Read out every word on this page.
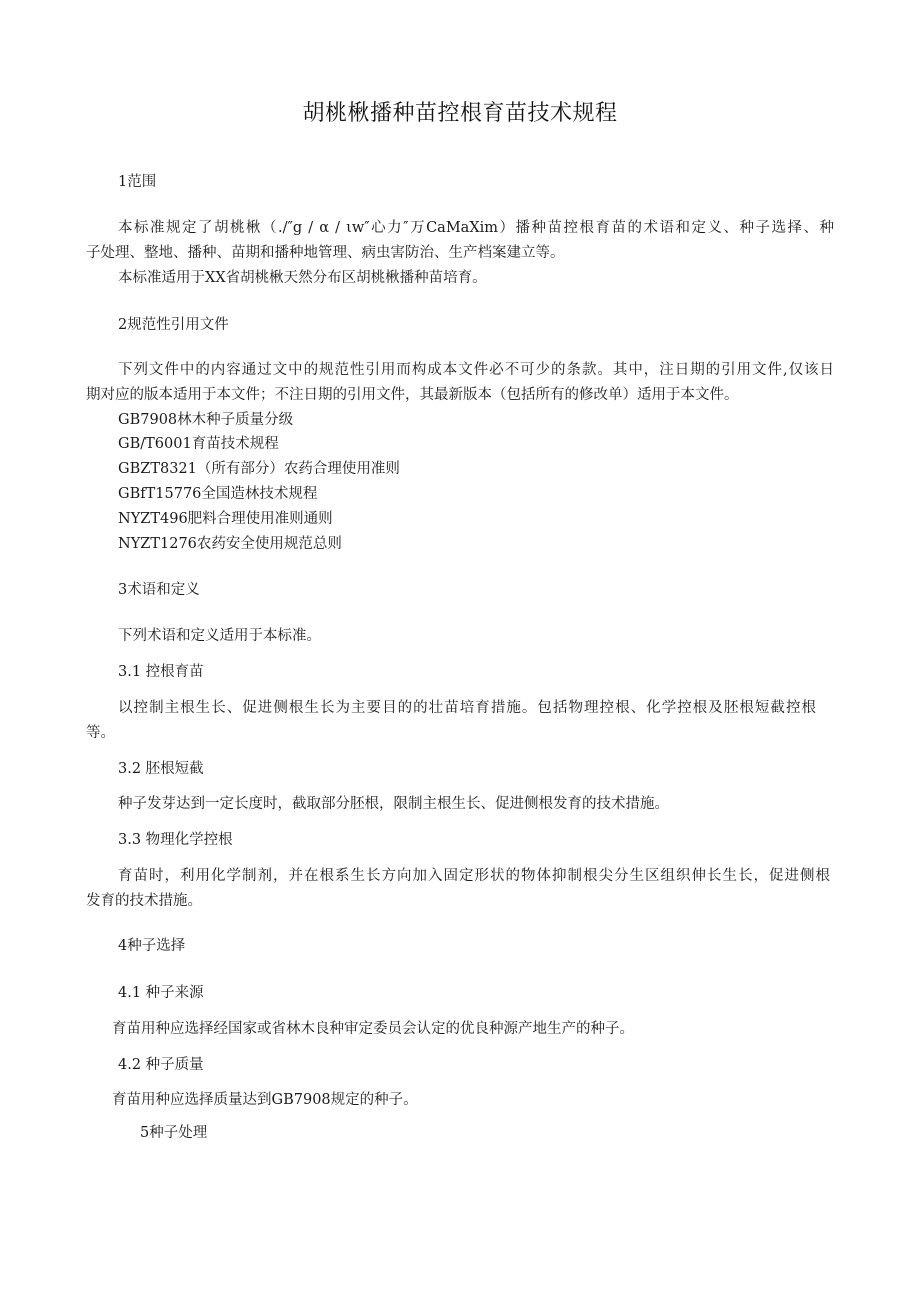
胡桃楸播种苗控根育苗技术规程
1范围
本标准规定了胡桃楸（./″g / α / ιw″心力″万CaMaXim）播种苗控根育苗的术语和定义、种子选择、种
子处理、整地、播种、苗期和播种地管理、病虫害防治、生产档案建立等。
本标准适用于XX省胡桃楸天然分布区胡桃楸播种苗培育。
2规范性引用文件
下列文件中的内容通过文中的规范性引用而构成本文件必不可少的条款。其中，注日期的引用文件,仅该日
期对应的版本适用于本文件；不注日期的引用文件，其最新版本（包括所有的修改单）适用于本文件。
GB7908林木种子质量分级
GB/T6001育苗技术规程
GBZT8321（所有部分）农药合理使用准则
GBfT15776全国造林技术规程
NYZT496肥料合理使用准则通则
NYZT1276农药安全使用规范总则
3术语和定义
下列术语和定义适用于本标准。
3.1 控根育苗
以控制主根生长、促进侧根生长为主要目的的壮苗培育措施。包括物理控根、化学控根及胚根短截控根
等。
3.2 胚根短截
种子发芽达到一定长度时，截取部分胚根，限制主根生长、促进侧根发育的技术措施。
3.3 物理化学控根
育苗时，利用化学制剂，并在根系生长方向加入固定形状的物体抑制根尖分生区组织伸长生长，促进侧根
发育的技术措施。
4种子选择
4.1 种子来源
育苗用种应选择经国家或省林木良种审定委员会认定的优良种源产地生产的种子。
4.2 种子质量
育苗用种应选择质量达到GB7908规定的种子。
5种子处理
